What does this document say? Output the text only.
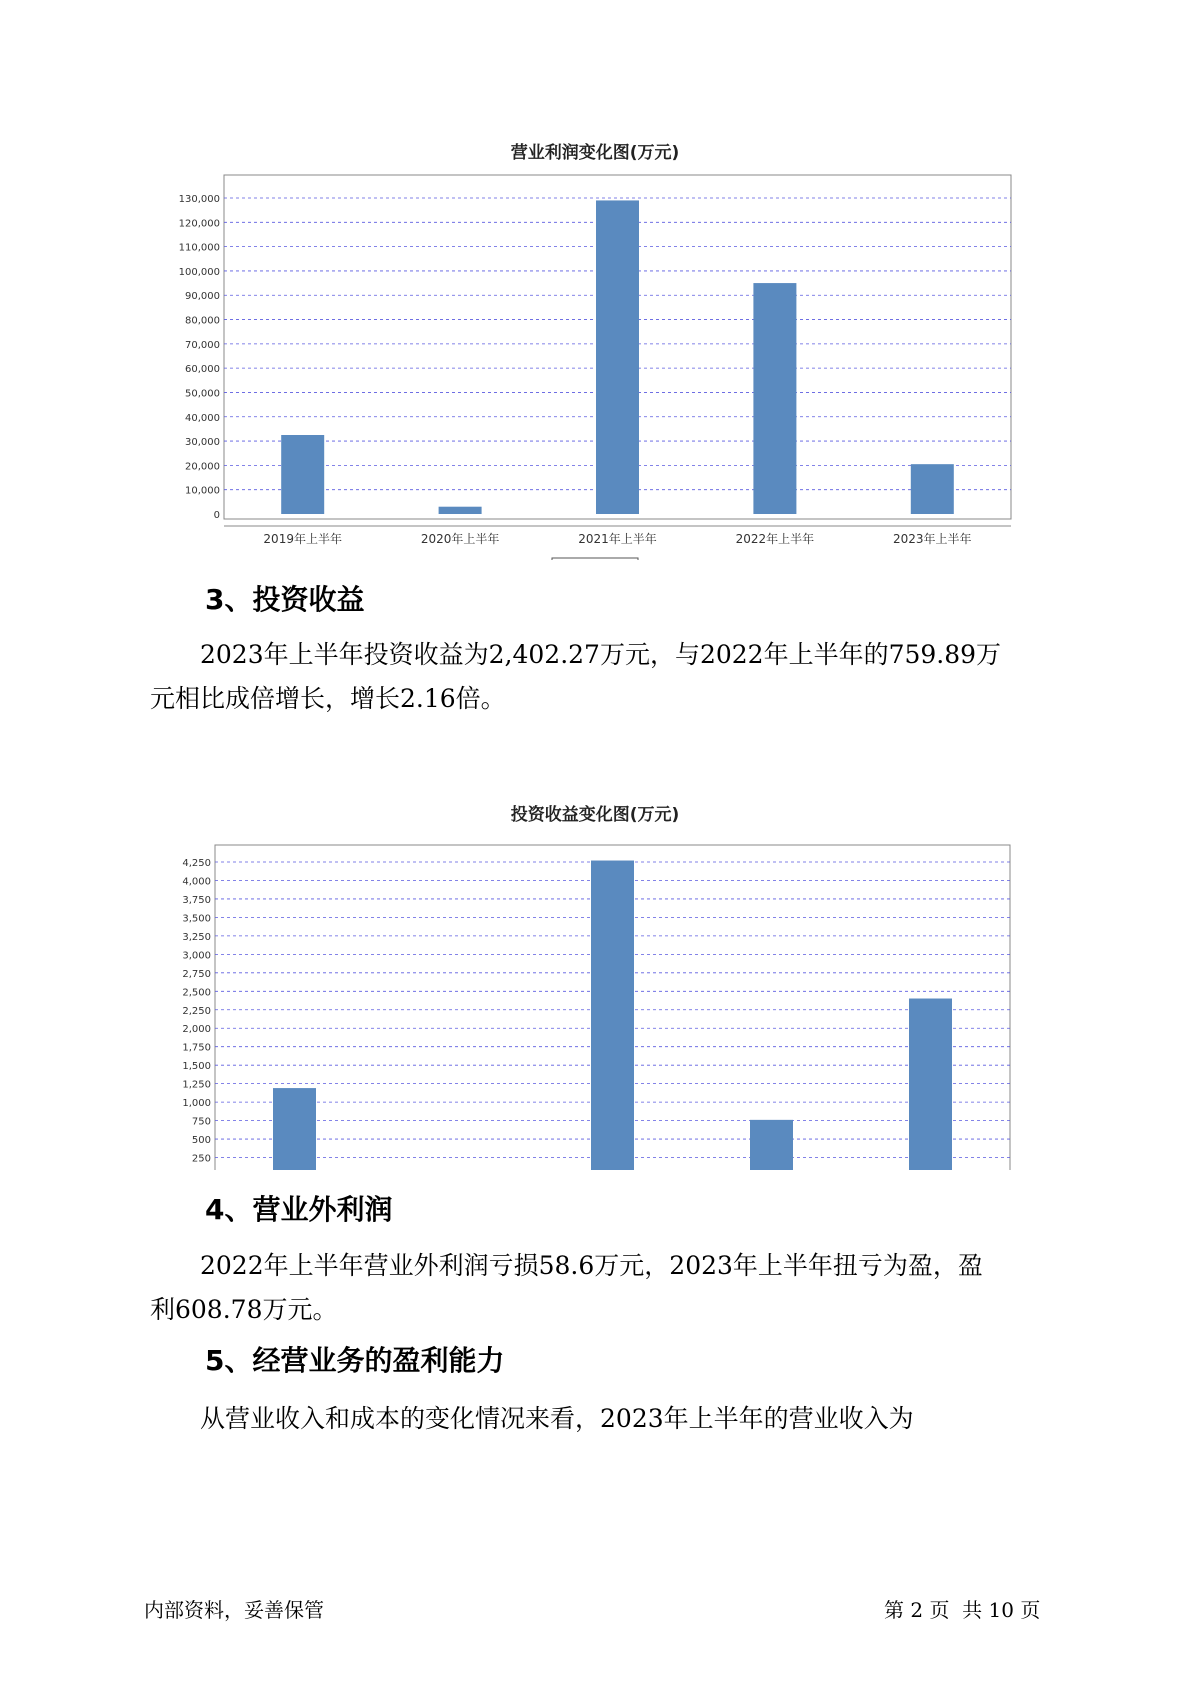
营业利润变化图(万元)
0
10,000
20,000
30,000
40,000
50,000
60,000
70,000
80,000
90,000
100,000
110,000
120,000
130,000
2019年上半年	2020年上半年	2021年上半年	2022年上半年	2023年上半年
3、投资收益

2023年上半年投资收益为2,402.27万元，与2022年上半年的759.89万
元相比成倍增长，增长2.16倍。

投资收益变化图(万元)
250
500
750
1,000
1,250
1,500
1,750
2,000
2,250
2,500
2,750
3,000
3,250
3,500
3,750
4,000
4,250
4、营业外利润

2022年上半年营业外利润亏损58.6万元，2023年上半年扭亏为盈，盈
利608.78万元。

5、经营业务的盈利能力

从营业收入和成本的变化情况来看，2023年上半年的营业收入为

内部资料，妥善保管	第 2 页  共 10 页
